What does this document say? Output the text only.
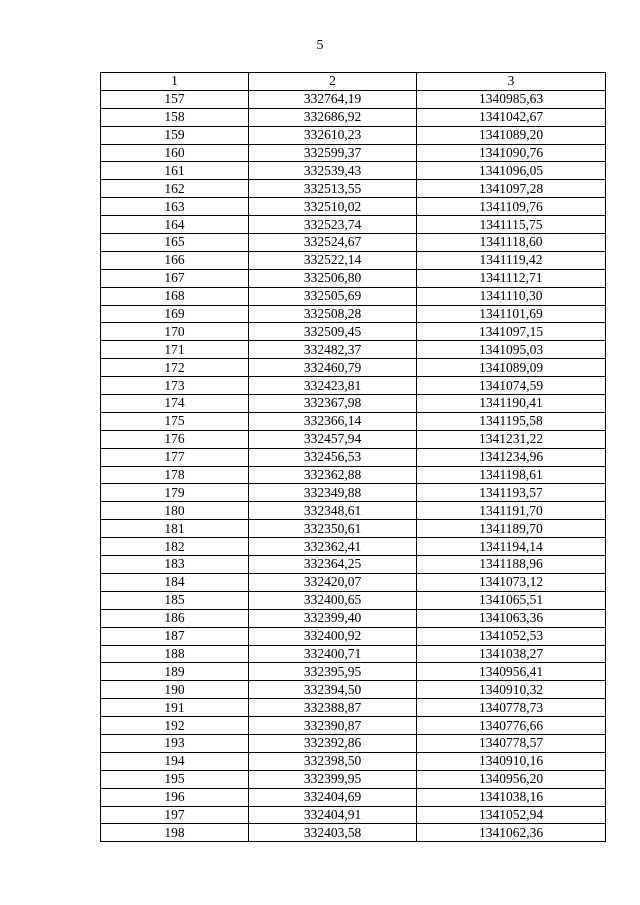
5
1	2	3
157	332764,19	1340985,63
158	332686,92	1341042,67
159	332610,23	1341089,20
160	332599,37	1341090,76
161	332539,43	1341096,05
162	332513,55	1341097,28
163	332510,02	1341109,76
164	332523,74	1341115,75
165	332524,67	1341118,60
166	332522,14	1341119,42
167	332506,80	1341112,71
168	332505,69	1341110,30
169	332508,28	1341101,69
170	332509,45	1341097,15
171	332482,37	1341095,03
172	332460,79	1341089,09
173	332423,81	1341074,59
174	332367,98	1341190,41
175	332366,14	1341195,58
176	332457,94	1341231,22
177	332456,53	1341234,96
178	332362,88	1341198,61
179	332349,88	1341193,57
180	332348,61	1341191,70
181	332350,61	1341189,70
182	332362,41	1341194,14
183	332364,25	1341188,96
184	332420,07	1341073,12
185	332400,65	1341065,51
186	332399,40	1341063,36
187	332400,92	1341052,53
188	332400,71	1341038,27
189	332395,95	1340956,41
190	332394,50	1340910,32
191	332388,87	1340778,73
192	332390,87	1340776,66
193	332392,86	1340778,57
194	332398,50	1340910,16
195	332399,95	1340956,20
196	332404,69	1341038,16
197	332404,91	1341052,94
198	332403,58	1341062,36
